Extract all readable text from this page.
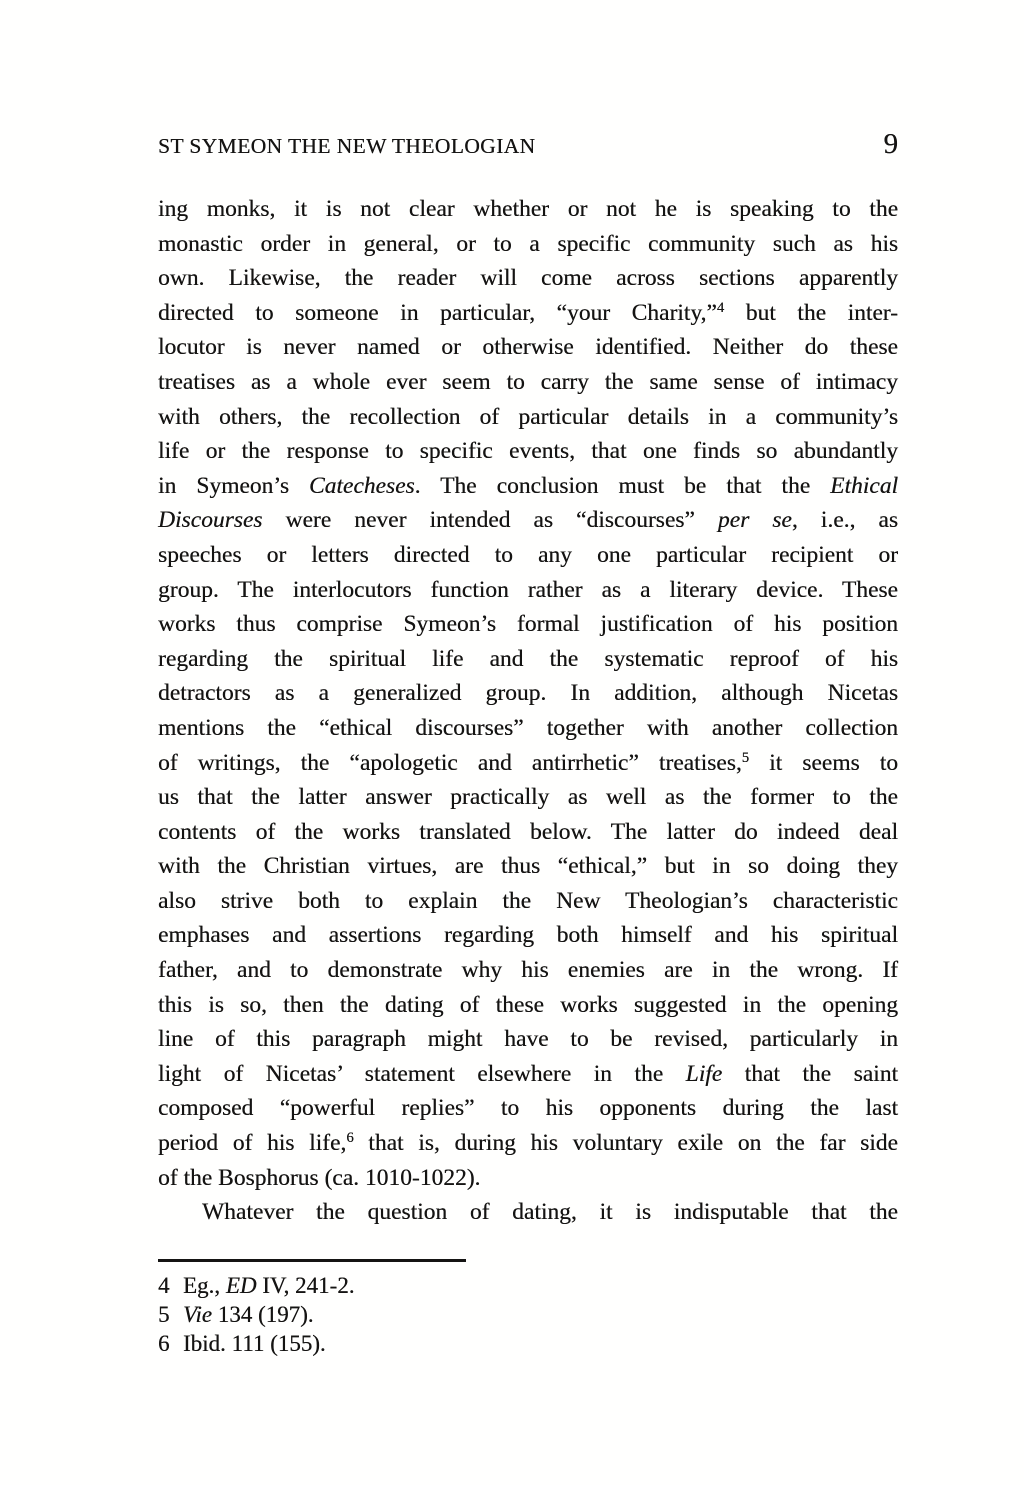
ST SYMEON THE NEW THEOLOGIAN	9
ing monks, it is not clear whether or not he is speaking to the
monastic order in general, or to a specific community such as his
own. Likewise, the reader will come across sections apparently
directed to someone in particular, “your Charity,”$^4$ but the inter-
locutor is never named or otherwise identified. Neither do these
treatises as a whole ever seem to carry the same sense of intimacy
with others, the recollection of particular details in a community’s
life or the response to specific events, that one finds so abundantly
in Symeon’s Catecheses. The conclusion must be that the Ethical
Discourses were never intended as “discourses” per se, i.e., as
speeches or letters directed to any one particular recipient or
group. The interlocutors function rather as a literary device. These
works thus comprise Symeon’s formal justification of his position
regarding the spiritual life and the systematic reproof of his
detractors as a generalized group. In addition, although Nicetas
mentions the “ethical discourses” together with another collection
of writings, the “apologetic and antirrhetic” treatises,$^5$ it seems to
us that the latter answer practically as well as the former to the
contents of the works translated below. The latter do indeed deal
with the Christian virtues, are thus “ethical,” but in so doing they
also strive both to explain the New Theologian’s characteristic
emphases and assertions regarding both himself and his spiritual
father, and to demonstrate why his enemies are in the wrong. If
this is so, then the dating of these works suggested in the opening
line of this paragraph might have to be revised, particularly in
light of Nicetas’ statement elsewhere in the Life that the saint
composed “powerful replies” to his opponents during the last
period of his life,$^6$ that is, during his voluntary exile on the far side
of the Bosphorus (ca. 1010-1022).
Whatever the question of dating, it is indisputable that the
4 Eg., ED IV, 241-2.
5 Vie 134 (197).
6 Ibid. 111 (155).
